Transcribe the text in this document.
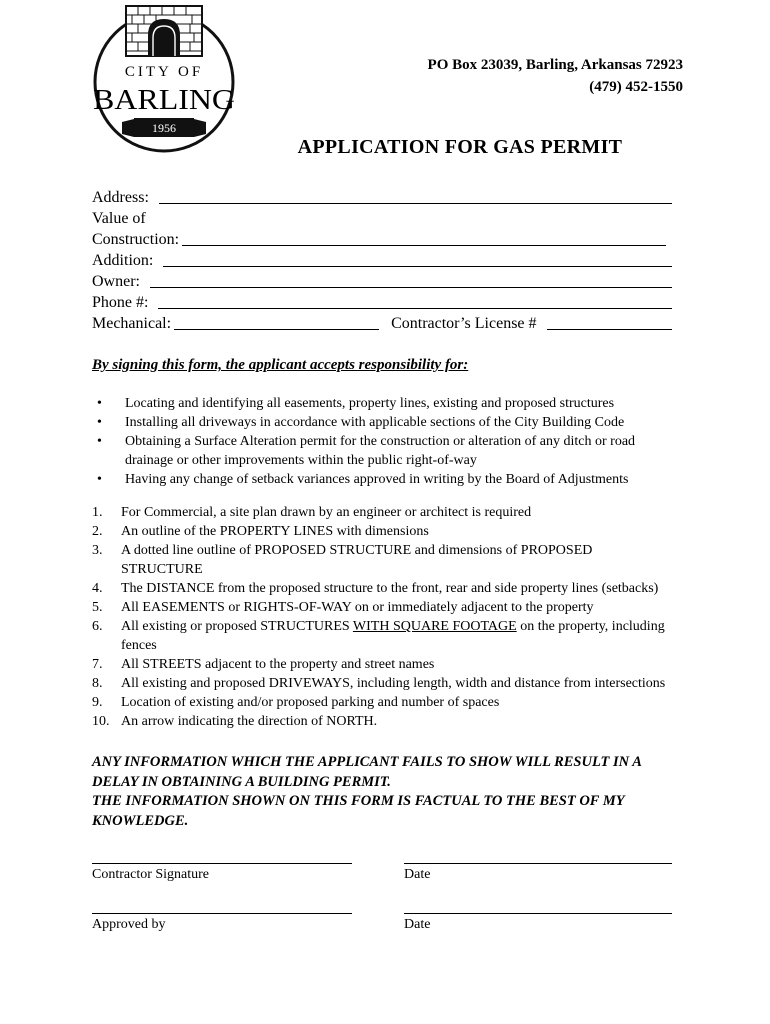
CITY OF
BARLING
1956
PO Box 23039, Barling, Arkansas 72923
(479) 452-1550
APPLICATION FOR GAS PERMIT
Address:
Value of
Construction:
Addition:
Owner:
Phone #:
Mechanical:	Contractor’s License #
By signing this form, the applicant accepts responsibility for:
• Locating and identifying all easements, property lines, existing and proposed structures
• Installing all driveways in accordance with applicable sections of the City Building Code
• Obtaining a Surface Alteration permit for the construction or alteration of any ditch or road drainage or other improvements within the public right-of-way
• Having any change of setback variances approved in writing by the Board of Adjustments
1.	For Commercial, a site plan drawn by an engineer or architect is required
2.	An outline of the PROPERTY LINES with dimensions
3.	A dotted line outline of PROPOSED STRUCTURE and dimensions of PROPOSED STRUCTURE
4.	The DISTANCE from the proposed structure to the front, rear and side property lines (setbacks)
5.	All EASEMENTS or RIGHTS-OF-WAY on or immediately adjacent to the property
6.	All existing or proposed STRUCTURES WITH SQUARE FOOTAGE on the property, including fences
7.	All STREETS adjacent to the property and street names
8.	All existing and proposed DRIVEWAYS, including length, width and distance from intersections
9.	Location of existing and/or proposed parking and number of spaces
10. An arrow indicating the direction of NORTH.
ANY INFORMATION WHICH THE APPLICANT FAILS TO SHOW WILL RESULT IN A DELAY IN OBTAINING A BUILDING PERMIT.
THE INFORMATION SHOWN ON THIS FORM IS FACTUAL TO THE BEST OF MY KNOWLEDGE.
Contractor Signature	Date
Approved by	Date
